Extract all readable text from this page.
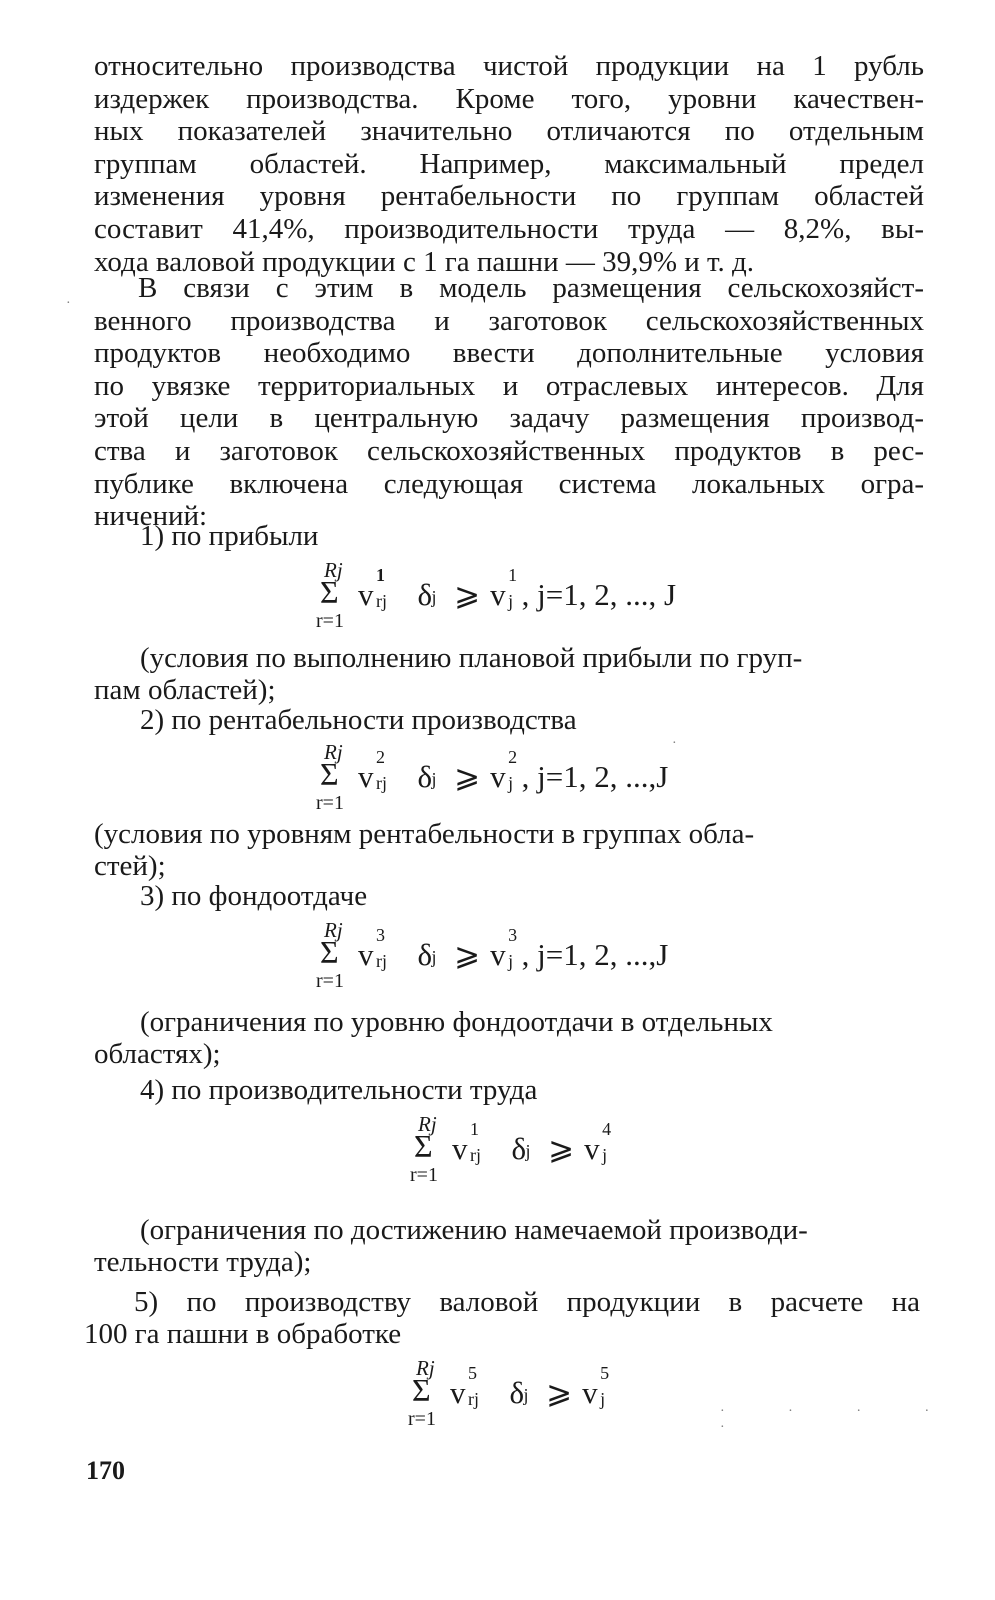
относительно производства чистой продукции на 1 рубль
издержек производства. Кроме того, уровни качествен-
ных показателей значительно отличаются по отдельным
группам областей. Например, максимальный предел
изменения уровня рентабельности по группам областей
составит 41,4%, производительности труда — 8,2%, вы-
хода валовой продукции с 1 га пашни — 39,9% и т. д.
В связи с этим в модель размещения сельскохозяйст-
венного производства и заготовок сельскохозяйственных
продуктов необходимо ввести дополнительные условия
по увязке территориальных и отраслевых интересов. Для
этой цели в центральную задачу размещения производ-
ства и заготовок сельскохозяйственных продуктов в рес-
публике включена следующая система локальных огра-
ничений:
·
1) по прибыли
Rj
Σ
r=1
v
1
rj δ j ⩾ v
1
j , j=1, 2, ..., J
(условия по выполнению плановой прибыли по груп-
пам областей);
2) по рентабельности производства
·
Rj
Σ
r=1
v
2
rj δ j ⩾ v
2
j , j=1, 2, ...,J
(условия по уровням рентабельности в группах обла-
стей);
3) по фондоотдаче
Rj
Σ
r=1
v
3
rj δ j ⩾ v
3
j , j=1, 2, ...,J
(ограничения по уровню фондоотдачи в отдельных
областях);
4) по производительности труда
Rj
Σ
r=1
v
1
rj δ j ⩾ v
4
j
(ограничения по достижению намечаемой производи-
тельности труда);
5) по производству валовой продукции в расчете на
100 га пашни в обработке
Rj
Σ
r=1
v
5
rj δ j ⩾ v
5
j
· · · · ·
170
